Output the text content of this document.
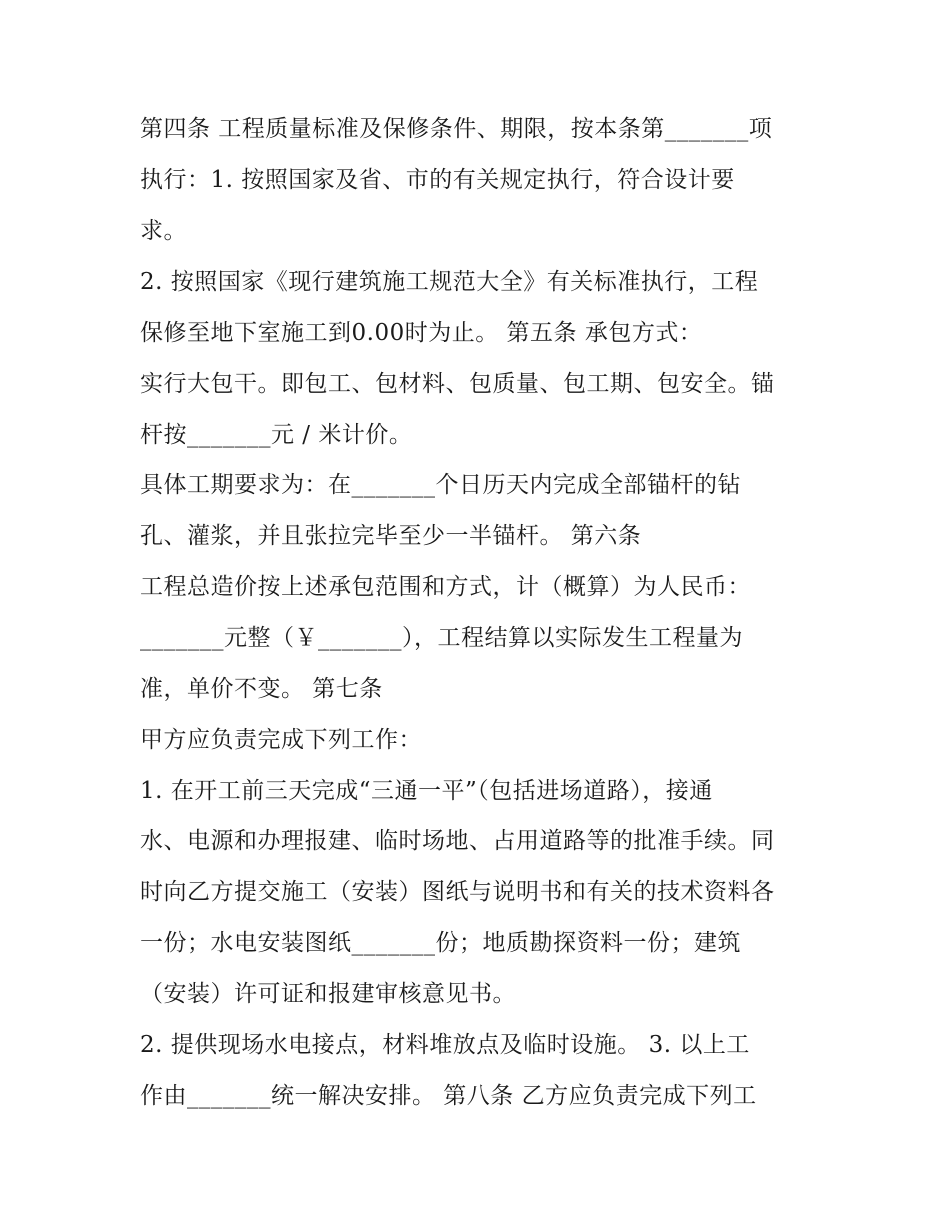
第四条 工程质量标准及保修条件、期限，按本条第_______项
执行：1. 按照国家及省、市的有关规定执行，符合设计要
求。
2. 按照国家《现行建筑施工规范大全》有关标准执行，工程
保修至地下室施工到0.00时为止。 第五条 承包方式：
实行大包干。即包工、包材料、包质量、包工期、包安全。锚
杆按_______元 / 米计价。
具体工期要求为：在_______个日历天内完成全部锚杆的钻
孔、灌浆，并且张拉完毕至少一半锚杆。 第六条
工程总造价按上述承包范围和方式，计（概算）为人民币：
_______元整（￥_______），工程结算以实际发生工程量为
准，单价不变。 第七条
甲方应负责完成下列工作：
1. 在开工前三天完成“三通一平”（包括进场道路），接通
水、电源和办理报建、临时场地、占用道路等的批准手续。同
时向乙方提交施工（安装）图纸与说明书和有关的技术资料各
一份；水电安装图纸_______份；地质勘探资料一份；建筑
（安装）许可证和报建审核意见书。
2. 提供现场水电接点，材料堆放点及临时设施。 3. 以上工
作由_______统一解决安排。 第八条 乙方应负责完成下列工
